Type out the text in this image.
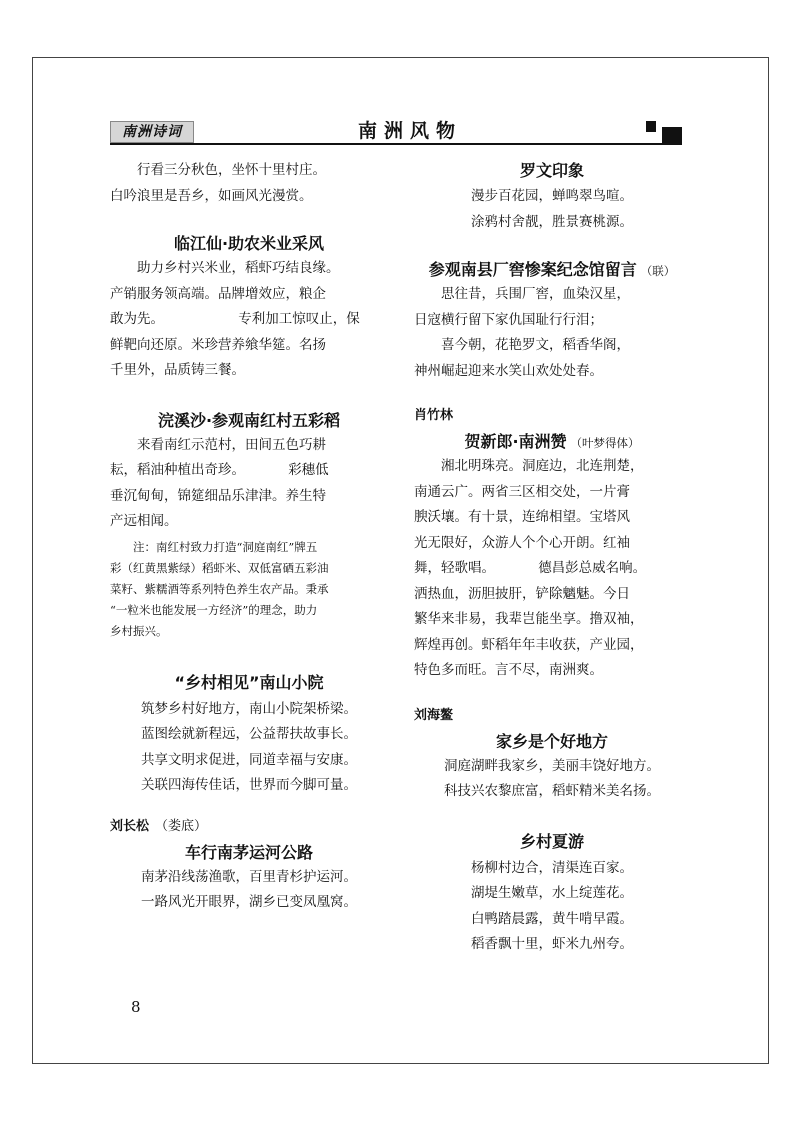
南洲诗词	南洲风物
行看三分秋色，坐怀十里村庄。
白吟浪里是吾乡，如画风光漫赏。
临江仙·助农米业采风
助力乡村兴米业，稻虾巧结良缘。
产销服务领高端。品牌增效应，粮企
敢为先。	专利加工惊叹止，保
鲜靶向还原。米珍营养飨华筵。名扬
千里外，品质铸三餐。
浣溪沙·参观南红村五彩稻
来看南红示范村，田间五色巧耕
耘，稻油种植出奇珍。	彩穗低
垂沉甸甸，锦筵细品乐津津。养生特
产远相闻。
注：南红村致力打造“洞庭南红”牌五
彩（红黄黑紫绿）稻虾米、双低富硒五彩油
菜籽、紫糯酒等系列特色养生农产品。秉承
“一粒米也能发展一方经济”的理念，助力
乡村振兴。
“乡村相见”南山小院
筑梦乡村好地方，南山小院架桥梁。
蓝图绘就新程远，公益帮扶故事长。
共享文明求促进，同道幸福与安康。
关联四海传佳话，世界而今脚可量。
刘长松 （娄底）
车行南茅运河公路
南茅沿线荡渔歌，百里青杉护运河。
一路风光开眼界，湖乡已变凤凰窝。
罗文印象
漫步百花园，蝉鸣翠鸟喧。
涂鸦村舍靓，胜景赛桃源。
参观南县厂窖惨案纪念馆留言 （联）
思往昔，兵围厂窖，血染汉星，
日寇横行留下家仇国耻行行泪；
喜今朝，花艳罗文，稻香华阁，
神州崛起迎来水笑山欢处处春。
肖竹林
贺新郎·南洲赞 （叶梦得体）
湘北明珠亮。洞庭边，北连荆楚，
南通云广。两省三区相交处，一片膏
腴沃壤。有十景，连绵相望。宝塔风
光无限好，众游人个个心开朗。红袖
舞，轻歌唱。	德昌彭总威名响。
洒热血，沥胆披肝，铲除魑魅。今日
繁华来非易，我辈岂能坐享。撸双袖，
辉煌再创。虾稻年年丰收获，产业园，
特色多而旺。言不尽，南洲爽。
刘海鳌
家乡是个好地方
洞庭湖畔我家乡，美丽丰饶好地方。
科技兴农黎庶富，稻虾精米美名扬。
乡村夏游
杨柳村边合，清渠连百家。
湖堤生嫩草，水上绽莲花。
白鸭踏晨露，黄牛啃早霞。
稻香飘十里，虾米九州夸。
8
